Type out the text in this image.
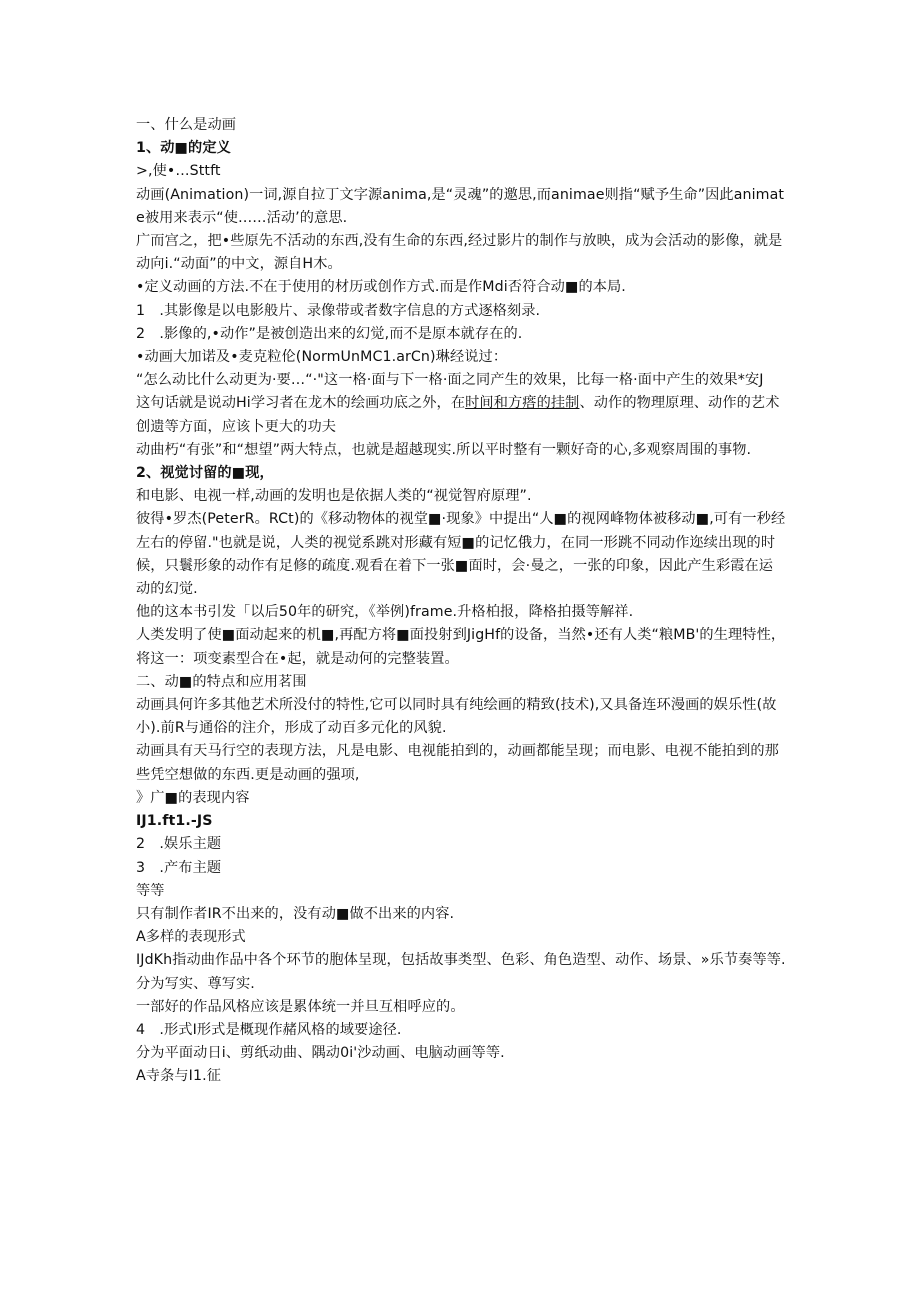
一、什么是动画

1、动■的定义

>,使•…Sttft

动画(Animation)一词,源自拉丁文字源anima,是“灵魂”的邀思,而animae则指“赋予生命”因此animate被用来表示“使……活动’的意思.

广而宫之，把•些原先不活动的东西,没有生命的东西,经过影片的制作与放映，成为会活动的影像，就是动向i.“动面”的中文，源自H木。

•定义动画的方法.不在于使用的材历或创作方式.而是作Mdi否符合动■的本局.

1　.其影像是以电影般片、录像带或者数字信息的方式逐格刻录.

2　.影像的,•动作”是被创造出来的幻觉,而不是原本就存在的.

•动画大加诺及•麦克粒伦(NormUnMC1.arCn)琳经说过：

“怎么动比什么动更为·要…“·"这一格·面与下一格·面之同产生的效果，比每一格·面中产生的效果*安J

这句话就是说动Hi学习者在龙木的绘画功底之外，在时间和方瘩的挂制、动作的物理原理、动作的艺术创遗等方面，应该卜更大的功夫

动曲朽“有张”和“想望”两大特点，也就是超越现实.所以平时整有一颗好奇的心,多观察周围的事物.

2、视觉讨留的■现，

和电影、电视一样,动画的发明也是依据人类的“视觉智府原理”.

彼得•罗杰(PeterR。RCt)的《移动物体的视堂■·现象》中提出“人■的视网峰物体被移动■,可有一秒经左右的停留."也就是说，人类的视觉系跳对形藏有短■的记忆俄力，在同一形跳不同动作迩续出现的时候，只鬟形象的动作有足修的疏度.观看在着下一张■面时，会·曼之，一张的印象，因此产生彩霞在运动的幻觉.

他的这本书引发「以后50年的研究，《举例)frame.升格柏报，降格拍摄等解祥.

人类发明了使■面动起来的机■,再配方将■面投射到JigHf的设备，当然•还有人类“粮MB'的生理特性，将这一：项变素型合在•起，就是动何的完整装置。

二、动■的特点和应用茗围

动画具何许多其他艺术所没付的特性,它可以同时具有纯绘画的精致(技术),又具备连环漫画的娱乐性(故小).前R与通俗的注介，形成了动百多元化的风貌.

动画具有天马行空的表现方法，凡是电影、电视能拍到的，动画都能呈现；而电影、电视不能拍到的那些凭空想做的东西.更是动画的强项,

》广■的表现内容

IJ1.ft1.-JS

2　.娱乐主题

3　.产布主题

等等

只有制作者IR不出来的，没有动■做不出来的内容.

A多样的表现形式

IJdKh指动曲作品中各个环节的胞体呈现，包括故事类型、色彩、角色造型、动作、场景、»乐节奏等等.

分为写实、尊写实.

一部好的作品风格应该是累体统一并旦互相呼应的。

4　.形式I形式是概现作赭风格的域要途径.

分为平面动日i、剪纸动曲、隅动0i'沙动画、电脑动画等等.

A寺条与I1.征
